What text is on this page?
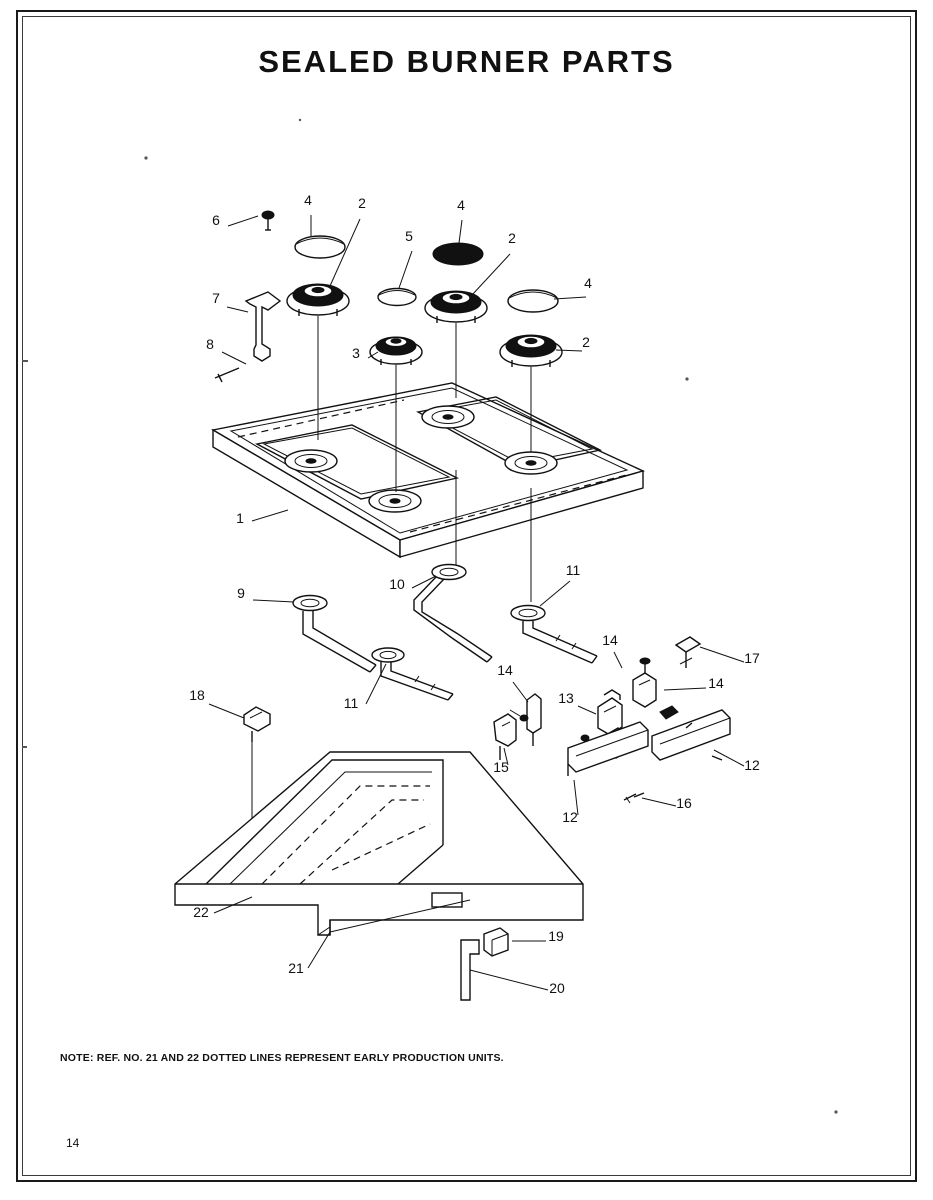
SEALED BURNER PARTS
6
4	2	4
5	2
4
7
8
3
2
1
10
11
9
14
17
14
11
14
13
18
15	12
12
16
22
21
19
20
NOTE: REF. NO. 21 AND 22 DOTTED LINES REPRESENT EARLY PRODUCTION UNITS.
14
